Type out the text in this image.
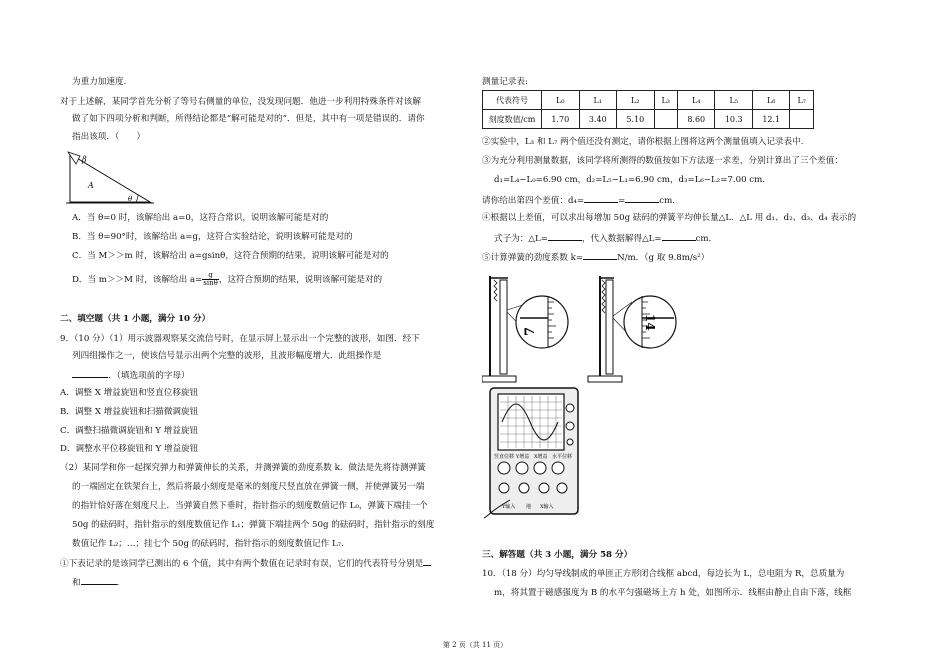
为重力加速度.
对于上述解，某同学首先分析了等号右侧量的单位，没发现问题．他进一步利用特殊条件对该解
做了如下四项分析和判断，所得结论都是“解可能是对的”．但是，其中有一项是错误的．请你
指出该项．（　　）
β
A
θ
A．当 θ=0 时，该解给出 a=0，这符合常识，说明该解可能是对的
B．当 θ=90°时，该解给出 a=g，这符合实验结论，说明该解可能是对的
C．当 M＞＞m 时，该解给出 a=gsinθ，这符合预期的结果，说明该解可能是对的
D．当 m＞＞M 时，该解给出 $a= \frac{g}{\sin\theta}$ ，这符合预期的结果，说明该解可能是对的
二、填空题（共 1 小题，满分 10 分）
9．（10 分）（1）用示波器观察某交流信号时，在显示屏上显示出一个完整的波形，如图．经下
列四组操作之一，使该信号显示出两个完整的波形，且波形幅度增大．此组操作是
．（填选项前的字母）
A．调整 X 增益旋钮和竖直位移旋钮
B．调整 X 增益旋钮和扫描微调旋钮
C．调整扫描微调旋钮和 Y 增益旋钮
D．调整水平位移旋钮和 Y 增益旋钮
（2）某同学和你一起探究弹力和弹簧伸长的关系，并测弹簧的劲度系数 k．做法是先将待测弹簧
的一端固定在铁架台上，然后将最小刻度是毫米的刻度尺竖直放在弹簧一侧，并使弹簧另一端
的指针恰好落在刻度尺上．当弹簧自然下垂时，指针指示的刻度数值记作 L₀，弹簧下端挂一个
50g 的砝码时，指针指示的刻度数值记作 L₁；弹簧下端挂两个 50g 的砝码时，指针指示的刻度
数值记作 L₂；…；挂七个 50g 的砝码时，指针指示的刻度数值记作 L₇．
①下表记录的是该同学已测出的 6 个值，其中有两个数值在记录时有误，它们的代表符号分别是
和	．
测量记录表:
代表符号	L₀	L₁	L₂	L₃	L₄	L₅	L₆	L₇
刻度数值/cm	1.70	3.40	5.10		8.60	10.3	12.1	
②实验中，L₃ 和 L₇ 两个值还没有测定，请你根据上图将这两个测量值填入记录表中.
③为充分利用测量数据，该同学将所测得的数值按如下方法逐一求差，分别计算出了三个差值：
d₁=L₄−L₀=6.90 cm，d₂=L₅−L₁=6.90 cm，d₃=L₆−L₂=7.00 cm.
请你给出第四个差值：d₄=	=	cm.
④根据以上差值，可以求出每增加 50g 砝码的弹簧平均伸长量△L．△L 用 d₁、d₂、d₃、d₄ 表示的
式子为：△L=	，代入数据解得△L=	cm.
⑤计算弹簧的劲度系数 k=	N/m．（g 取 9.8m/s²）
7
14
竖直位移 Y增益 X增益 水平位移
Y输入 地 X输入
三、解答题（共 3 小题，满分 58 分）
10．（18 分）均匀导线制成的单匝正方形闭合线框 abcd，每边长为 L，总电阻为 R，总质量为
m，将其置于磁感强度为 B 的水平匀强磁场上方 h 处，如图所示．线框由静止自由下落，线框
第 2 页（共 11 页）
